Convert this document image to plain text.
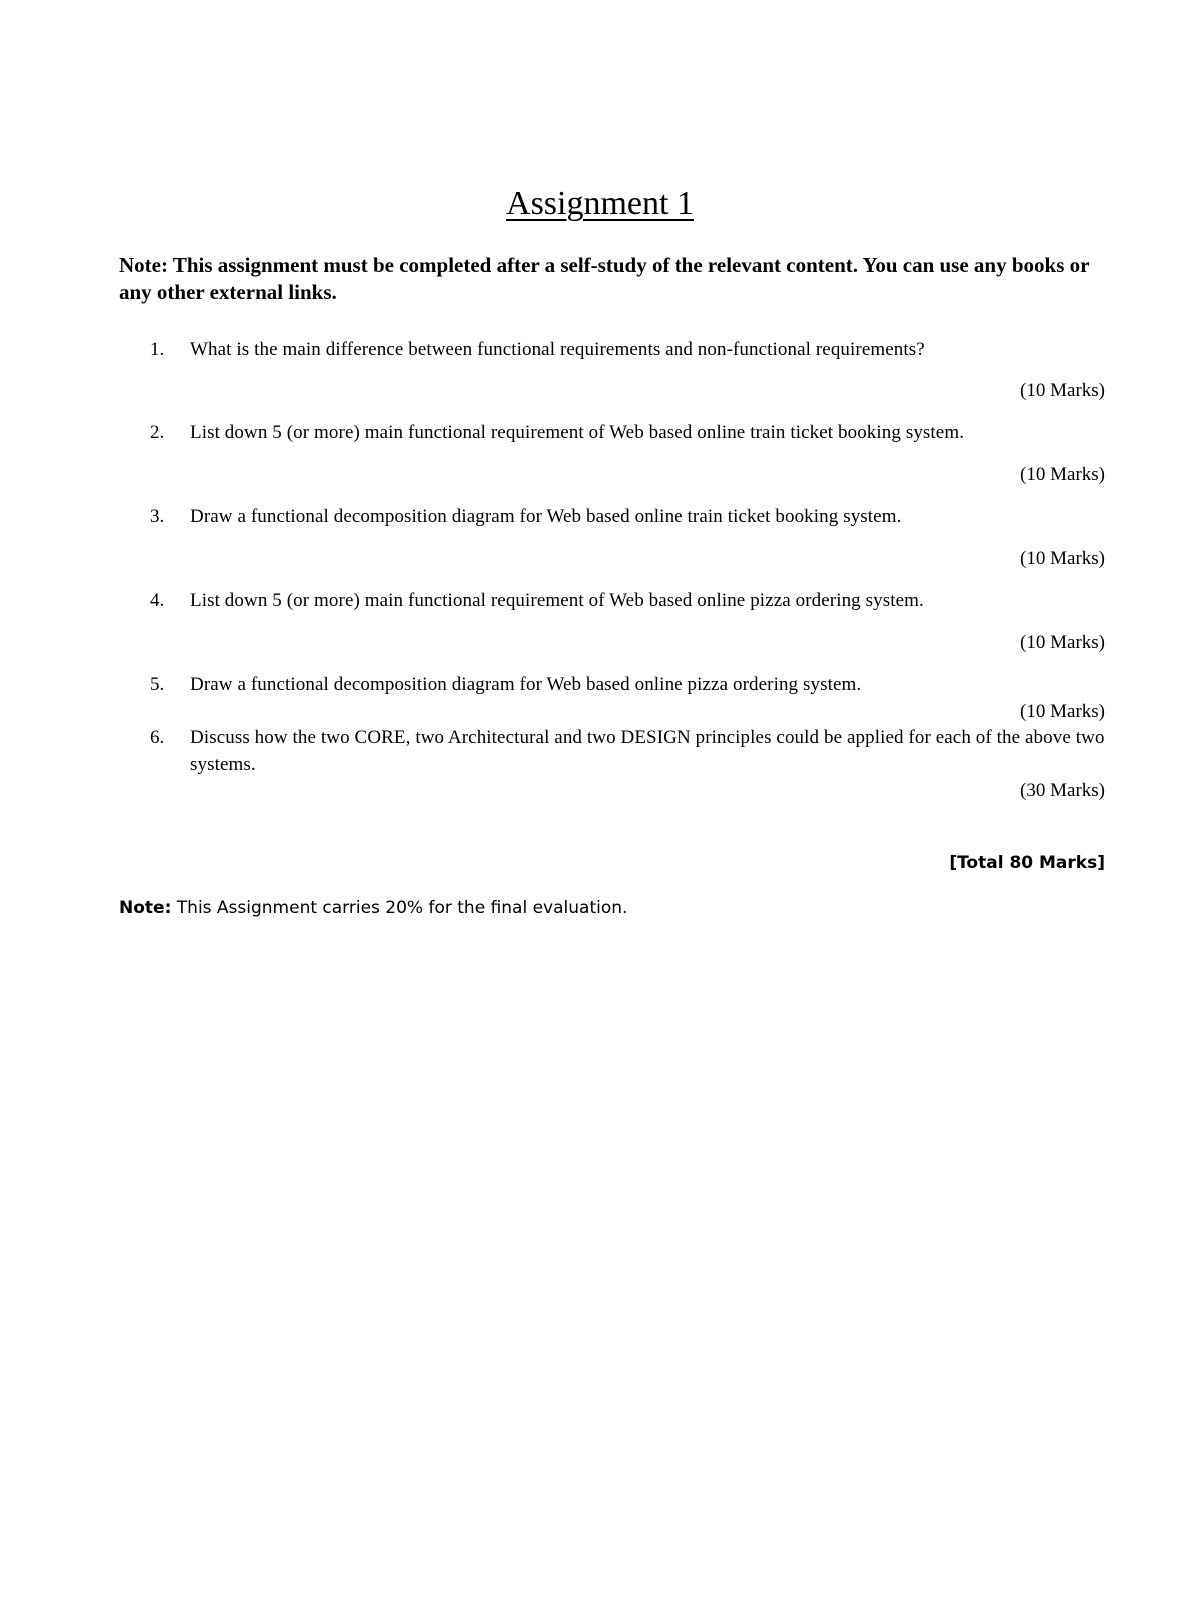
Assignment 1
Note: This assignment must be completed after a self-study of the relevant content. You can use any books or any other external links.
1. What is the main difference between functional requirements and non-functional requirements?
(10 Marks)
2. List down 5 (or more) main functional requirement of Web based online train ticket booking system.
(10 Marks)
3. Draw a functional decomposition diagram for Web based online train ticket booking system.
(10 Marks)
4. List down 5 (or more) main functional requirement of Web based online pizza ordering system.
(10 Marks)
5. Draw a functional decomposition diagram for Web based online pizza ordering system.
(10 Marks)
6. Discuss how the two CORE, two Architectural and two DESIGN principles could be applied for each of the above two systems.
(30 Marks)
[Total 80 Marks]
Note: This Assignment carries 20% for the final evaluation.
